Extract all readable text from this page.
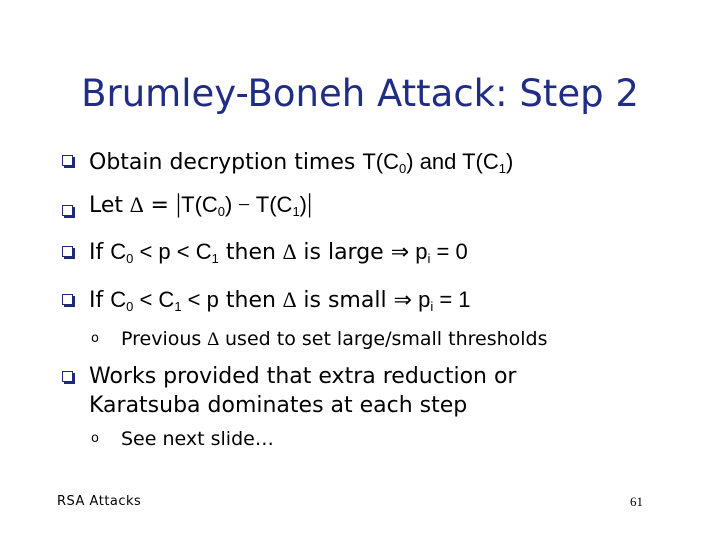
Brumley-Boneh Attack: Step 2
Obtain decryption times $T(C_0)$ and $T(C_1)$
Let ∆ = $|T(C_0) - T(C_1)|$
If $C_0 < p < C_1$ then ∆ is large ⇒ $p_i = 0$
If $C_0 < C_1 < p$ then ∆ is small ⇒ $p_i = 1$
o Previous ∆ used to set large/small thresholds
Works provided that extra reduction or
Karatsuba dominates at each step
o See next slide…
RSA Attacks	61
